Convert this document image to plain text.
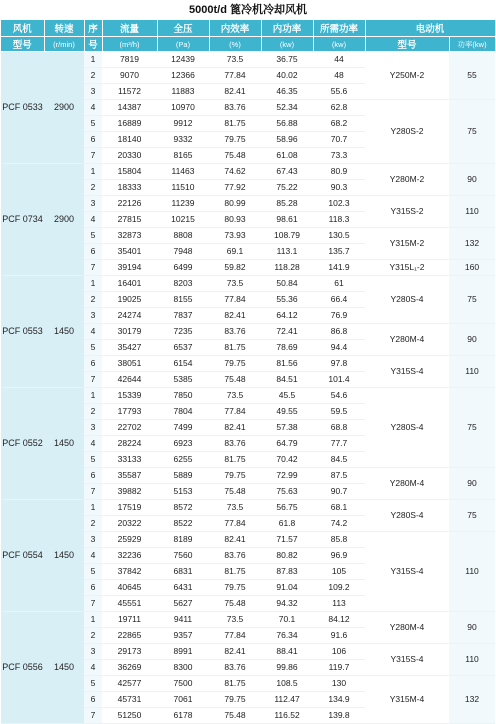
5000t/d 篦冷机冷却风机
风机	转速	序	流量	全压	内效率	内功率	所需功率	电动机	
型号	(r/min)	号	(m³/h)	(Pa)	(%)	(kw)	(kw)	型号	功率(kw)
PCF 0533	2900	1	7819	12439	73.5	36.75	44	Y250M-2	55
		2	9070	12366	77.84	40.02	48		
		3	11572	11883	82.41	46.35	55.6		
		4	14387	10970	83.76	52.34	62.8	Y280S-2	75
		5	16889	9912	81.75	56.88	68.2		
		6	18140	9332	79.75	58.96	70.7		
		7	20330	8165	75.48	61.08	73.3		
PCF 0734	2900	1	15804	11463	74.62	67.43	80.9	Y280M-2	90
		2	18333	11510	77.92	75.22	90.3		
		3	22126	11239	80.99	85.28	102.3	Y315S-2	110
		4	27815	10215	80.93	98.61	118.3		
		5	32873	8808	73.93	108.79	130.5	Y315M-2	132
		6	35401	7948	69.1	113.1	135.7		
		7	39194	6499	59.82	118.28	141.9	Y315L₁-2	160
PCF 0553	1450	1	16401	8203	73.5	50.84	61	Y280S-4	75
		2	19025	8155	77.84	55.36	66.4		
		3	24274	7837	82.41	64.12	76.9		
		4	30179	7235	83.76	72.41	86.8	Y280M-4	90
		5	35427	6537	81.75	78.69	94.4		
		6	38051	6154	79.75	81.56	97.8	Y315S-4	110
		7	42644	5385	75.48	84.51	101.4		
PCF 0552	1450	1	15339	7850	73.5	45.5	54.6	Y280S-4	75
		2	17793	7804	77.84	49.55	59.5		
		3	22702	7499	82.41	57.38	68.8		
		4	28224	6923	83.76	64.79	77.7		
		5	33133	6255	81.75	70.42	84.5		
		6	35587	5889	79.75	72.99	87.5	Y280M-4	90
		7	39882	5153	75.48	75.63	90.7		
PCF 0554	1450	1	17519	8572	73.5	56.75	68.1	Y280S-4	75
		2	20322	8522	77.84	61.8	74.2		
		3	25929	8189	82.41	71.57	85.8	Y315S-4	110
		4	32236	7560	83.76	80.82	96.9		
		5	37842	6831	81.75	87.83	105		
		6	40645	6431	79.75	91.04	109.2		
		7	45551	5627	75.48	94.32	113		
PCF 0556	1450	1	19711	9411	73.5	70.1	84.12	Y280M-4	90
		2	22865	9357	77.84	76.34	91.6		
		3	29173	8991	82.41	88.41	106	Y315S-4	110
		4	36269	8300	83.76	99.86	119.7		
		5	42577	7500	81.75	108.5	130	Y315M-4	132
		6	45731	7061	79.75	112.47	134.9		
		7	51250	6178	75.48	116.52	139.8		
